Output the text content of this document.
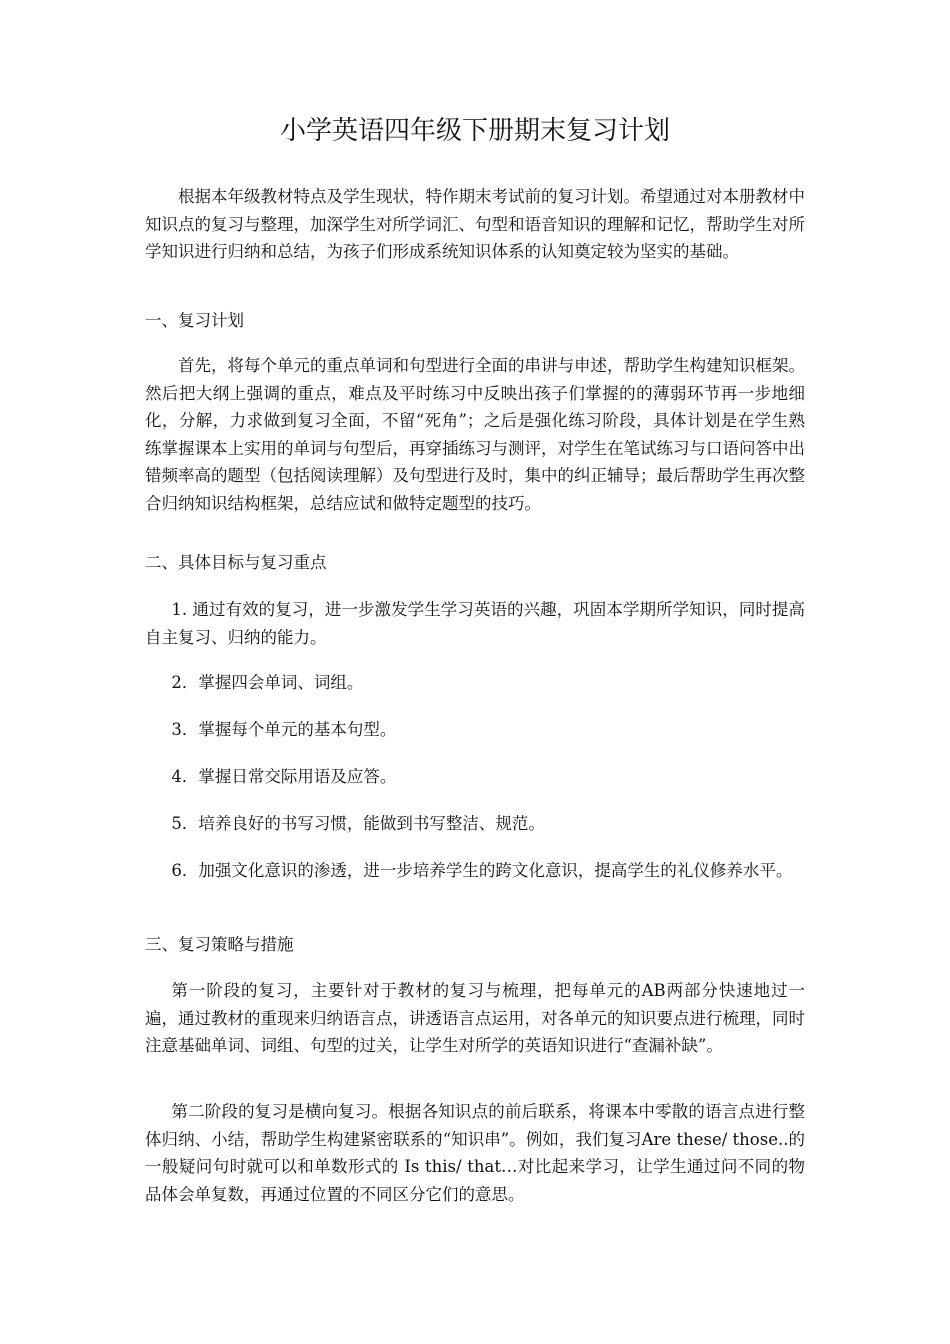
小学英语四年级下册期末复习计划
根据本年级教材特点及学生现状，特作期末考试前的复习计划。希望通过对本册教材中知识点的复习与整理，加深学生对所学词汇、句型和语音知识的理解和记忆，帮助学生对所学知识进行归纳和总结，为孩子们形成系统知识体系的认知奠定较为坚实的基础。
一、复习计划
首先，将每个单元的重点单词和句型进行全面的串讲与申述，帮助学生构建知识框架。然后把大纲上强调的重点，难点及平时练习中反映出孩子们掌握的的薄弱环节再一步地细化，分解，力求做到复习全面，不留“死角”；之后是强化练习阶段，具体计划是在学生熟练掌握课本上实用的单词与句型后，再穿插练习与测评，对学生在笔试练习与口语问答中出错频率高的题型（包括阅读理解）及句型进行及时，集中的纠正辅导；最后帮助学生再次整合归纳知识结构框架，总结应试和做特定题型的技巧。
二、具体目标与复习重点
1. 通过有效的复习，进一步激发学生学习英语的兴趣，巩固本学期所学知识，同时提高自主复习、归纳的能力。
2．掌握四会单词、词组。
3．掌握每个单元的基本句型。
4．掌握日常交际用语及应答。
5．培养良好的书写习惯，能做到书写整洁、规范。
6．加强文化意识的渗透，进一步培养学生的跨文化意识，提高学生的礼仪修养水平。
三、复习策略与措施
第一阶段的复习，主要针对于教材的复习与梳理，把每单元的AB两部分快速地过一遍，通过教材的重现来归纳语言点，讲透语言点运用，对各单元的知识要点进行梳理，同时注意基础单词、词组、句型的过关，让学生对所学的英语知识进行“查漏补缺”。
第二阶段的复习是横向复习。根据各知识点的前后联系，将课本中零散的语言点进行整体归纳、小结，帮助学生构建紧密联系的“知识串”。例如，我们复习Are these/ those..的一般疑问句时就可以和单数形式的 Is this/ that…对比起来学习，让学生通过问不同的物品体会单复数，再通过位置的不同区分它们的意思。
